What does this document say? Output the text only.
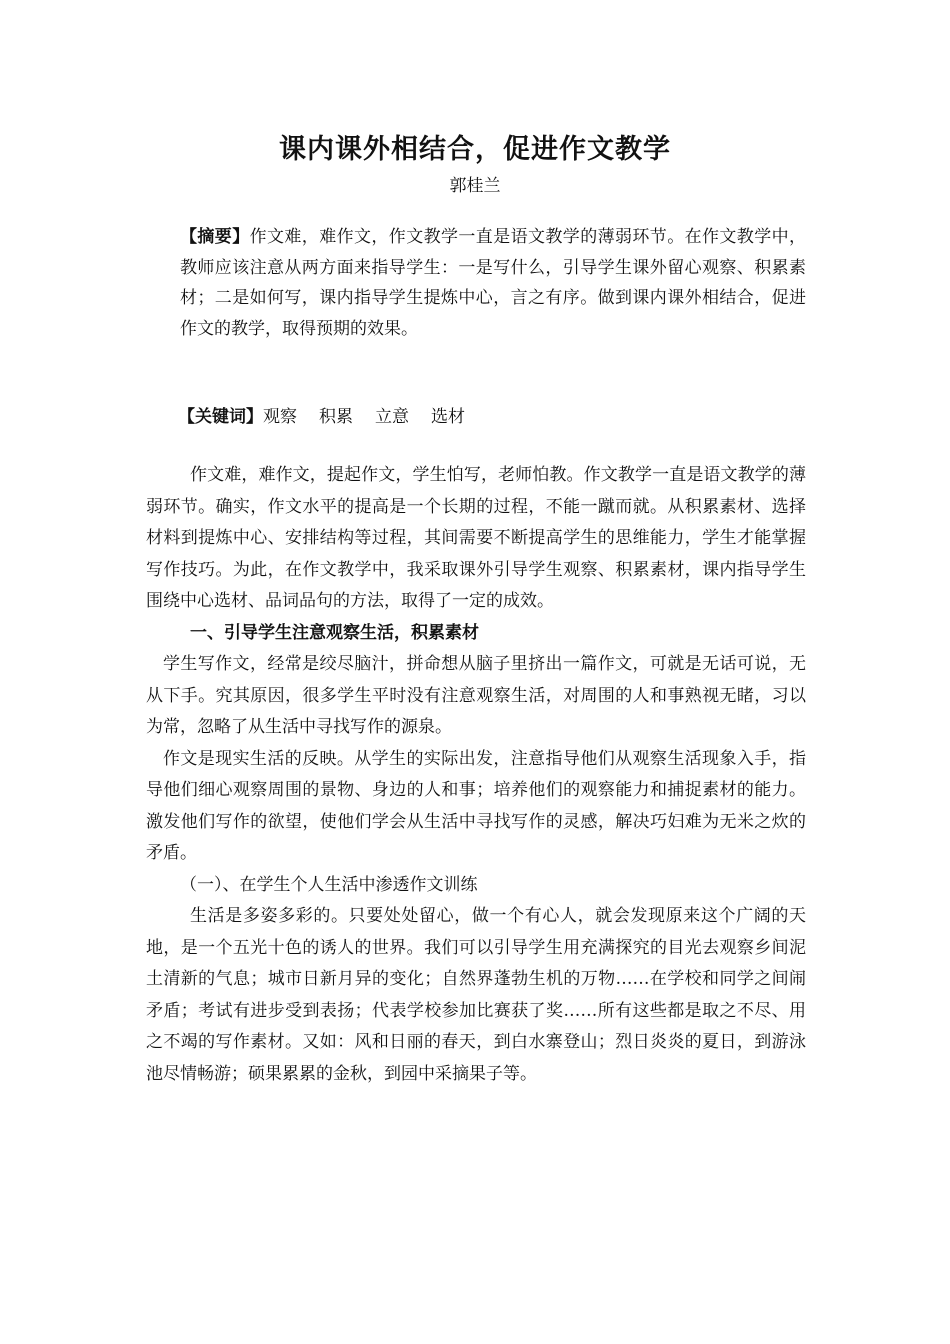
课内课外相结合，促进作文教学
郭桂兰
【摘要】作文难，难作文，作文教学一直是语文教学的薄弱环节。在作文教学中，教师应该注意从两方面来指导学生：一是写什么，引导学生课外留心观察、积累素材；二是如何写，课内指导学生提炼中心，言之有序。做到课内课外相结合，促进作文的教学，取得预期的效果。
【关键词】观察 积累 立意 选材

作文难，难作文，提起作文，学生怕写，老师怕教。作文教学一直是语文教学的薄弱环节。确实，作文水平的提高是一个长期的过程，不能一蹴而就。从积累素材、选择材料到提炼中心、安排结构等过程，其间需要不断提高学生的思维能力，学生才能掌握写作技巧。为此，在作文教学中，我采取课外引导学生观察、积累素材，课内指导学生围绕中心选材、品词品句的方法，取得了一定的成效。

一、引导学生注意观察生活，积累素材

学生写作文，经常是绞尽脑汁，拼命想从脑子里挤出一篇作文，可就是无话可说，无从下手。究其原因，很多学生平时没有注意观察生活，对周围的人和事熟视无睹，习以为常，忽略了从生活中寻找写作的源泉。

作文是现实生活的反映。从学生的实际出发，注意指导他们从观察生活现象入手，指导他们细心观察周围的景物、身边的人和事；培养他们的观察能力和捕捉素材的能力。激发他们写作的欲望，使他们学会从生活中寻找写作的灵感，解决巧妇难为无米之炊的矛盾。

（一）、在学生个人生活中渗透作文训练

生活是多姿多彩的。只要处处留心，做一个有心人，就会发现原来这个广阔的天地，是一个五光十色的诱人的世界。我们可以引导学生用充满探究的目光去观察乡间泥土清新的气息；城市日新月异的变化；自然界蓬勃生机的万物……在学校和同学之间闹矛盾；考试有进步受到表扬；代表学校参加比赛获了奖……所有这些都是取之不尽、用之不竭的写作素材。又如：风和日丽的春天，到白水寨登山；烈日炎炎的夏日，到游泳池尽情畅游；硕果累累的金秋，到园中采摘果子等。
